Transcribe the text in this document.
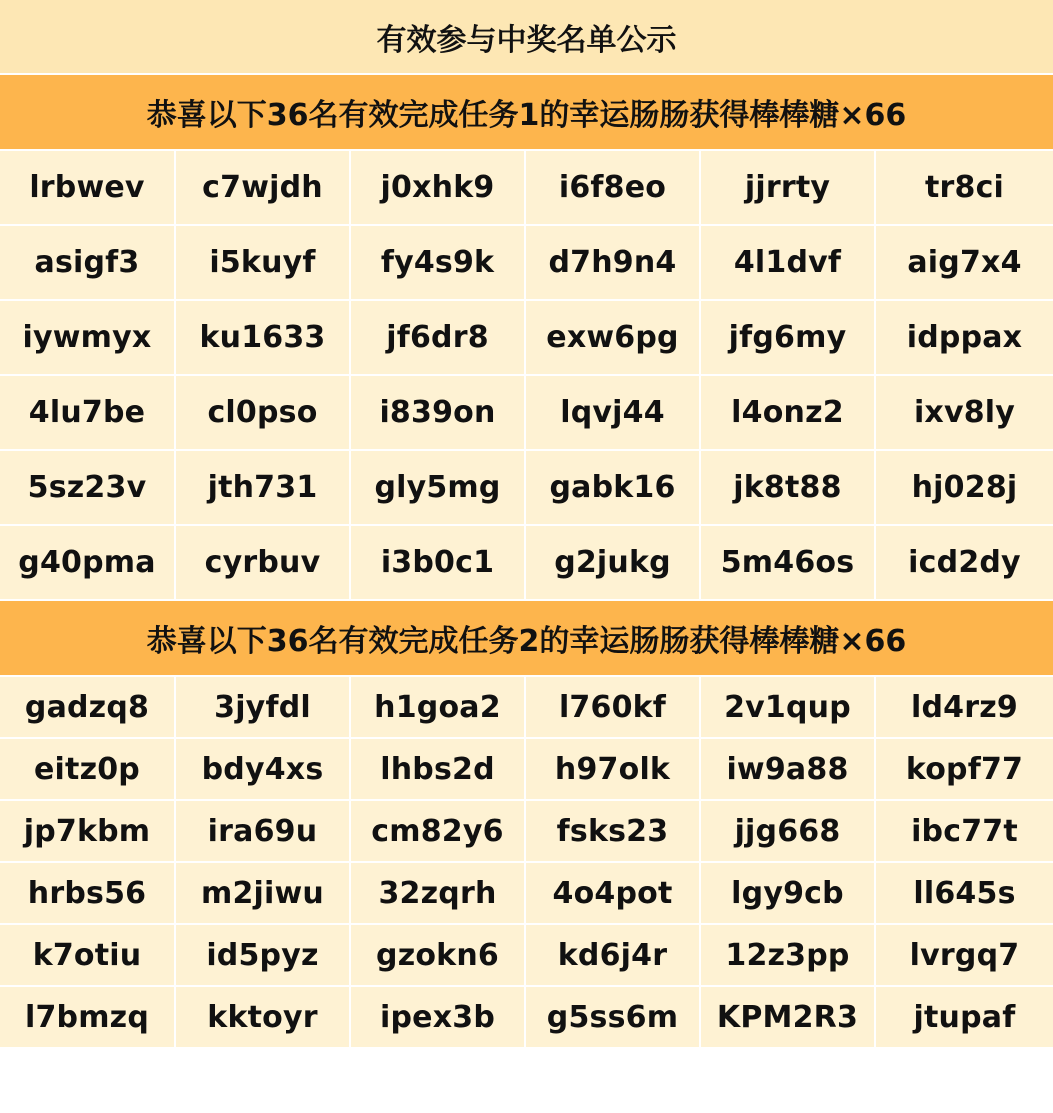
有效参与中奖名单公示
恭喜以下36名有效完成任务1的幸运肠肠获得棒棒糖×66
lrbwev	c7wjdh	j0xhk9	i6f8eo	jjrrty	tr8ci
asigf3	i5kuyf	fy4s9k	d7h9n4	4l1dvf	aig7x4
iywmyx	ku1633	jf6dr8	exw6pg	jfg6my	idppax
4lu7be	cl0pso	i839on	lqvj44	l4onz2	ixv8ly
5sz23v	jth731	gly5mg	gabk16	jk8t88	hj028j
g40pma	cyrbuv	i3b0c1	g2jukg	5m46os	icd2dy
恭喜以下36名有效完成任务2的幸运肠肠获得棒棒糖×66
gadzq8	3jyfdl	h1goa2	l760kf	2v1qup	ld4rz9
eitz0p	bdy4xs	lhbs2d	h97olk	iw9a88	kopf77
jp7kbm	ira69u	cm82y6	fsks23	jjg668	ibc77t
hrbs56	m2jiwu	32zqrh	4o4pot	lgy9cb	ll645s
k7otiu	id5pyz	gzokn6	kd6j4r	12z3pp	lvrgq7
l7bmzq	kktoyr	ipex3b	g5ss6m	KPM2R3	jtupaf
